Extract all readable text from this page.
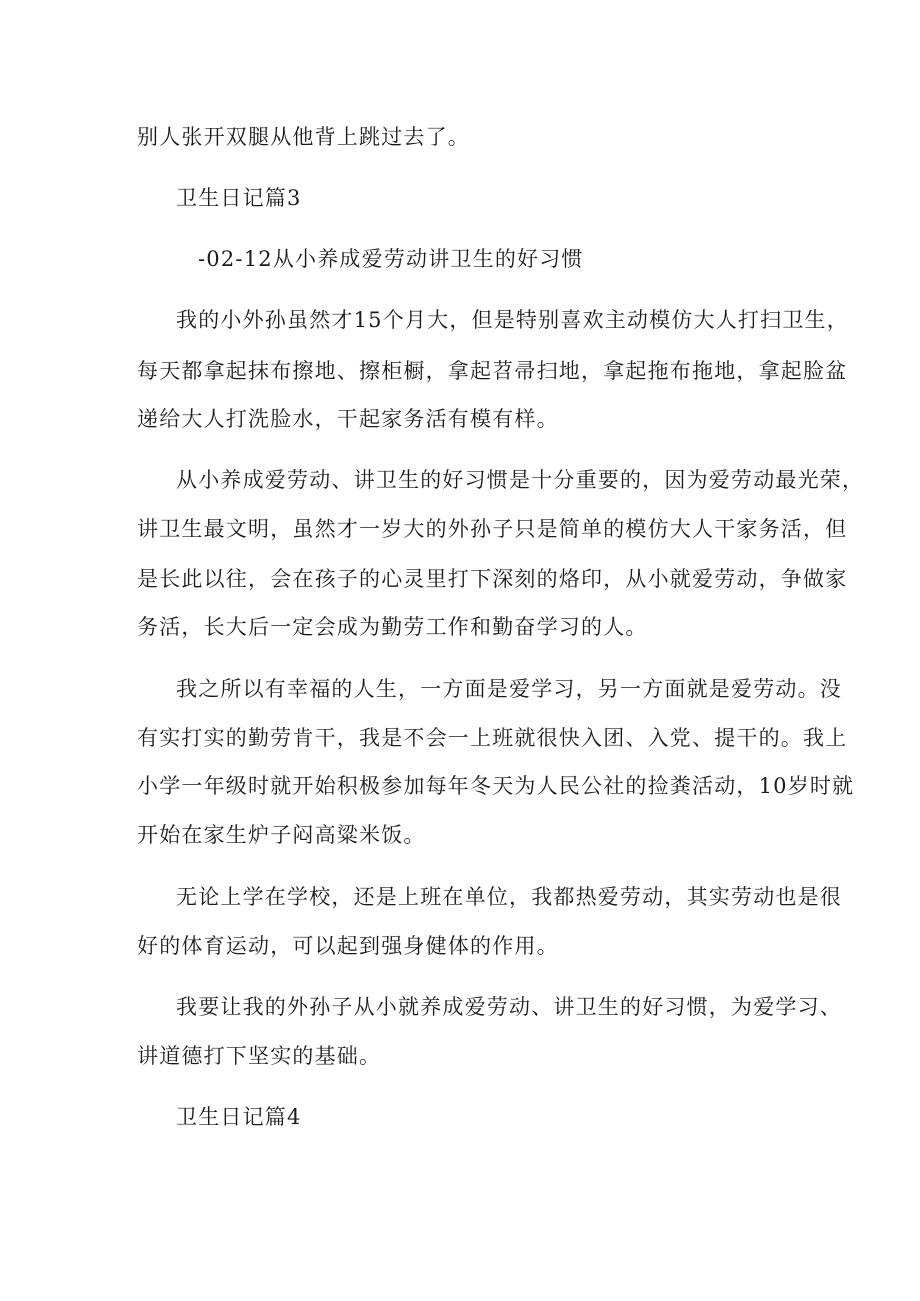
别人张开双腿从他背上跳过去了。
卫生日记篇3
-02-12从小养成爱劳动讲卫生的好习惯
我的小外孙虽然才15个月大，但是特别喜欢主动模仿大人打扫卫生，
每天都拿起抹布擦地、擦柜橱，拿起苕帚扫地，拿起拖布拖地，拿起脸盆
递给大人打洗脸水，干起家务活有模有样。
从小养成爱劳动、讲卫生的好习惯是十分重要的，因为爱劳动最光荣，
讲卫生最文明，虽然才一岁大的外孙子只是简单的模仿大人干家务活，但
是长此以往，会在孩子的心灵里打下深刻的烙印，从小就爱劳动，争做家
务活，长大后一定会成为勤劳工作和勤奋学习的人。
我之所以有幸福的人生，一方面是爱学习，另一方面就是爱劳动。没
有实打实的勤劳肯干，我是不会一上班就很快入团、入党、提干的。我上
小学一年级时就开始积极参加每年冬天为人民公社的捡粪活动，10岁时就
开始在家生炉子闷高粱米饭。
无论上学在学校，还是上班在单位，我都热爱劳动，其实劳动也是很
好的体育运动，可以起到强身健体的作用。
我要让我的外孙子从小就养成爱劳动、讲卫生的好习惯，为爱学习、
讲道德打下坚实的基础。
卫生日记篇4
